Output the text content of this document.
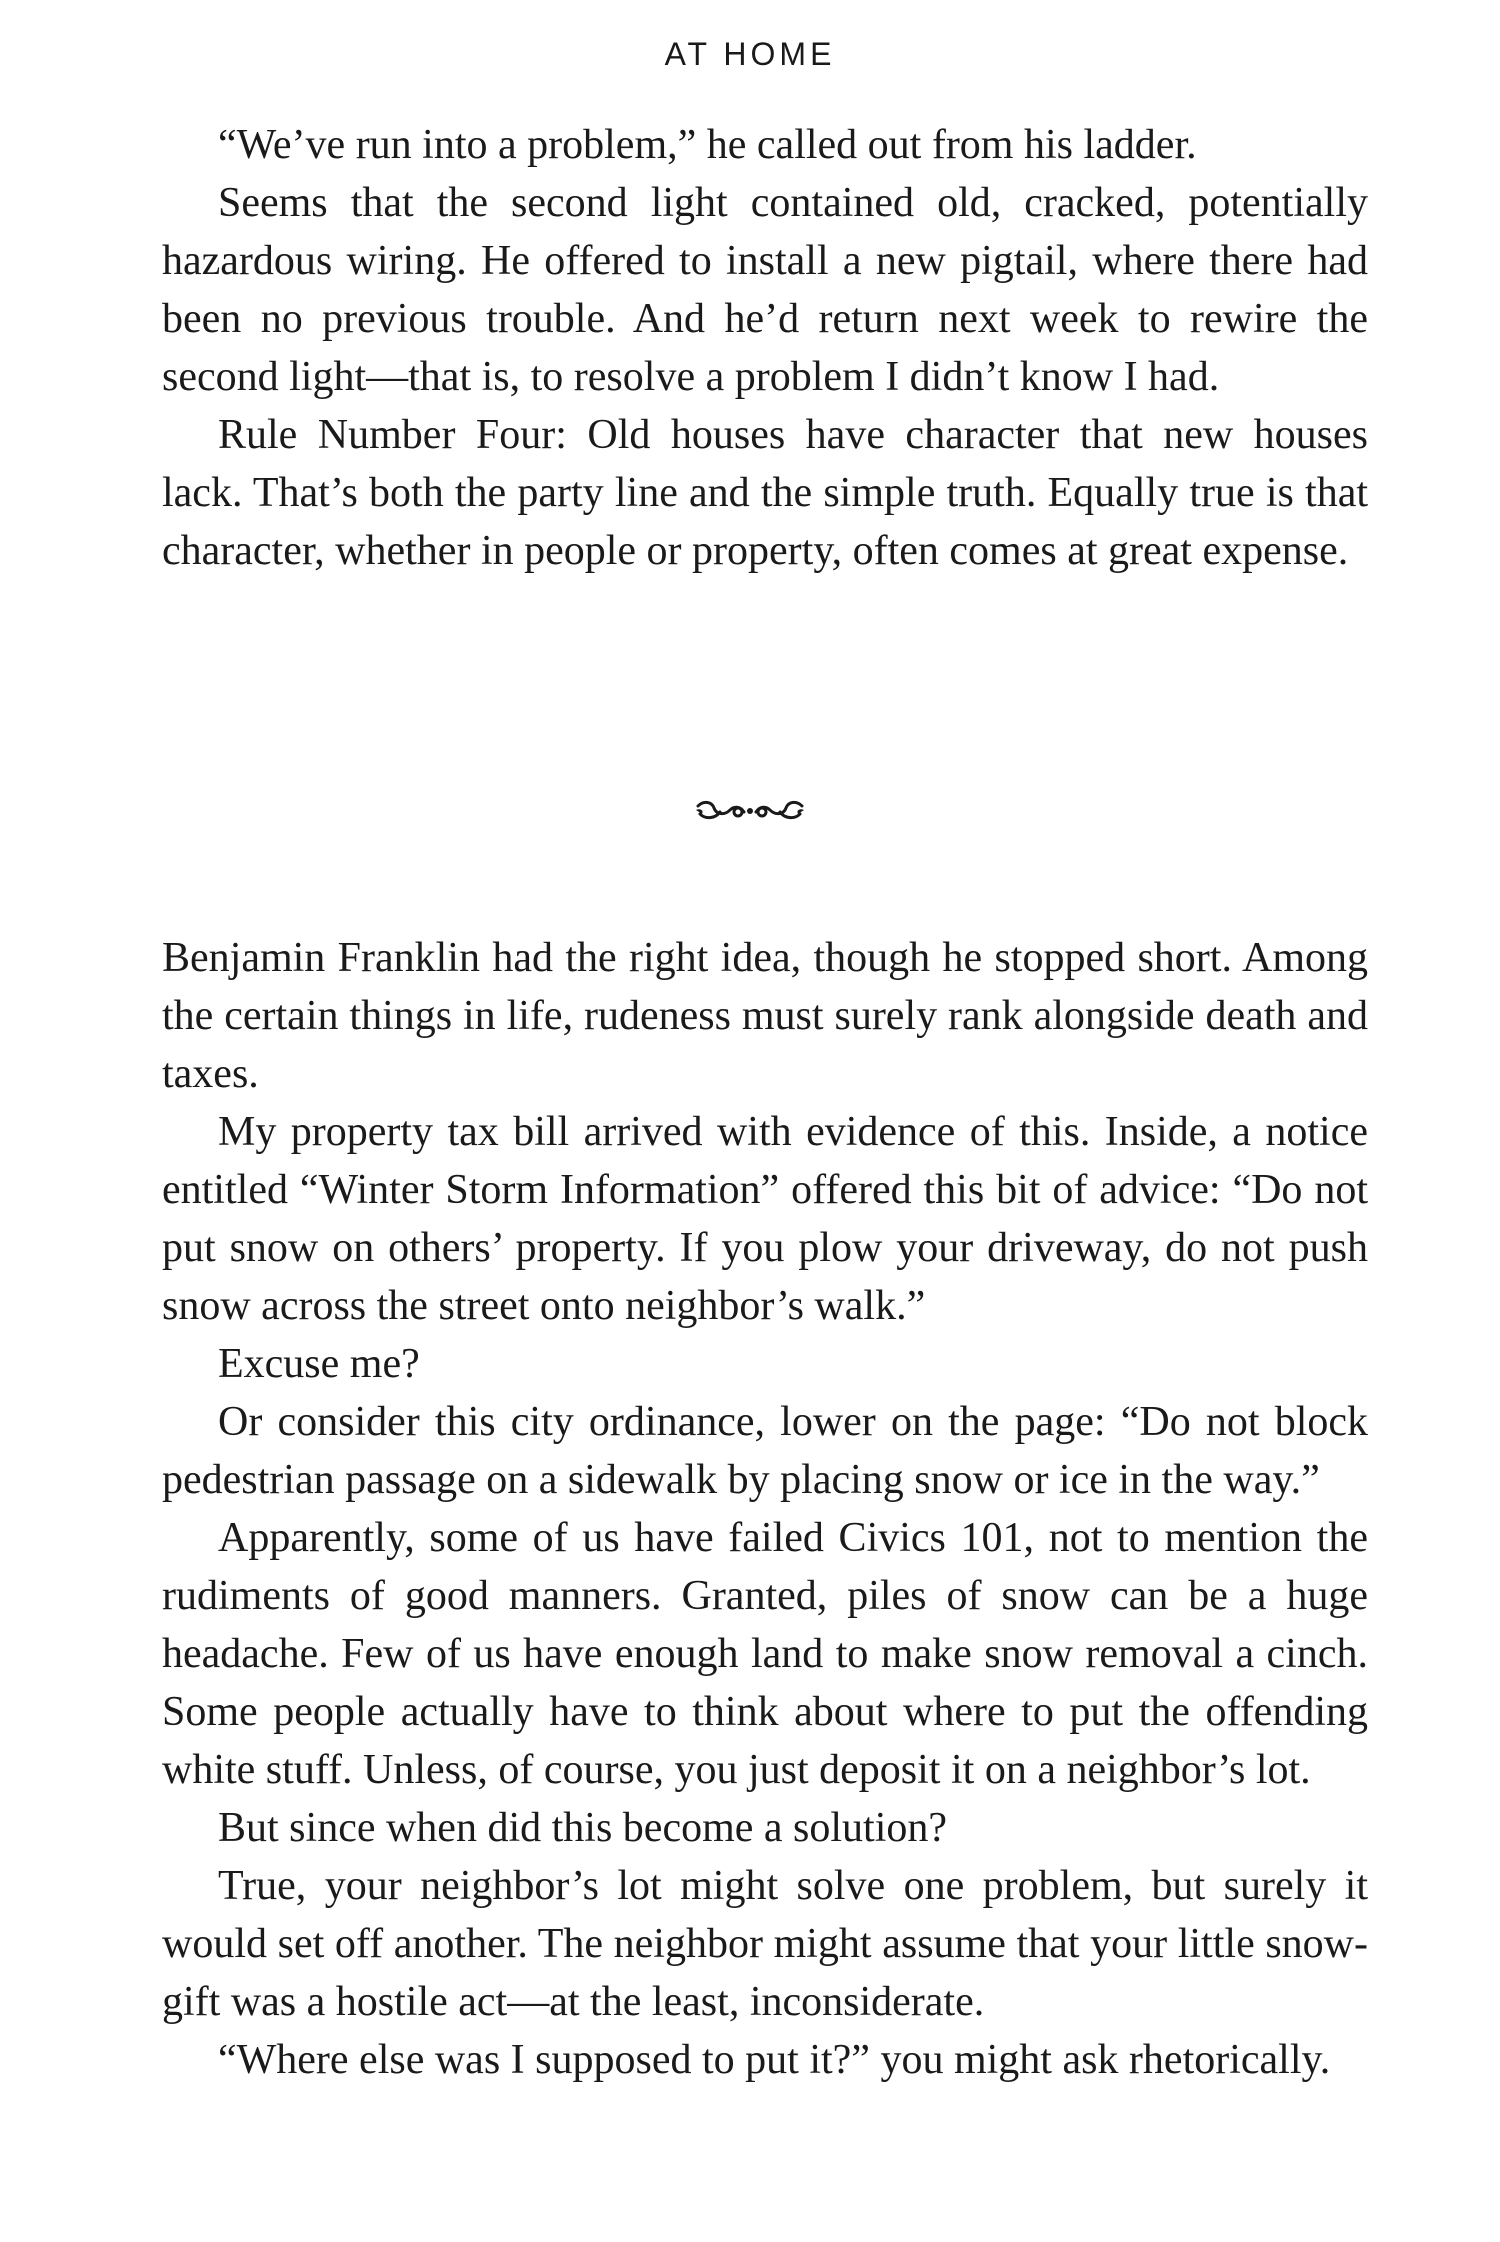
AT HOME

“We’ve run into a problem,” he called out from his ladder.

Seems that the second light contained old, cracked, potentially hazardous wiring. He offered to install a new pigtail, where there had been no previous trouble. And he’d return next week to rewire the second light—that is, to resolve a problem I didn’t know I had.

Rule Number Four: Old houses have character that new houses lack. That’s both the party line and the simple truth. Equally true is that character, whether in people or property, often comes at great expense.

Benjamin Franklin had the right idea, though he stopped short. Among the certain things in life, rudeness must surely rank alongside death and taxes.

My property tax bill arrived with evidence of this. Inside, a notice entitled “Winter Storm Information” offered this bit of advice: “Do not put snow on others’ property. If you plow your driveway, do not push snow across the street onto neighbor’s walk.”

Excuse me?

Or consider this city ordinance, lower on the page: “Do not block pedestrian passage on a sidewalk by placing snow or ice in the way.”

Apparently, some of us have failed Civics 101, not to mention the rudiments of good manners. Granted, piles of snow can be a huge headache. Few of us have enough land to make snow removal a cinch. Some people actually have to think about where to put the offending white stuff. Unless, of course, you just deposit it on a neighbor’s lot.

But since when did this become a solution?

True, your neighbor’s lot might solve one problem, but surely it would set off another. The neighbor might assume that your little snow-gift was a hostile act—at the least, inconsiderate.

“Where else was I supposed to put it?” you might ask rhetorically.
